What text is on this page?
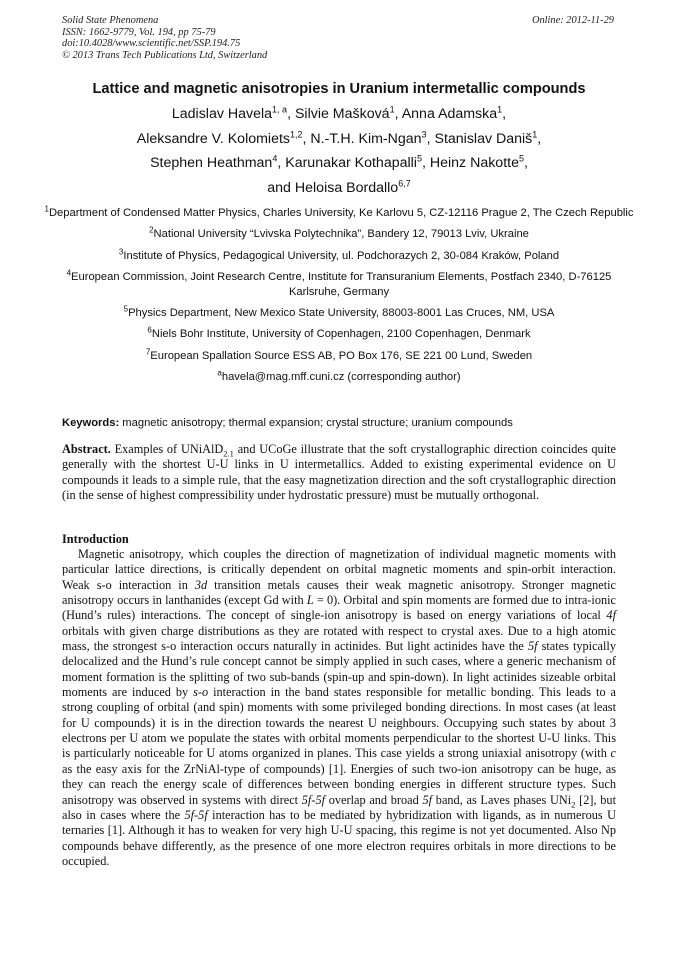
Solid State Phenomena
ISSN: 1662-9779, Vol. 194, pp 75-79
doi:10.4028/www.scientific.net/SSP.194.75
© 2013 Trans Tech Publications Ltd, Switzerland
Online: 2012-11-29
Lattice and magnetic anisotropies in Uranium intermetallic compounds
Ladislav Havela$^{1, a}$, Silvie Mašková$^1$, Anna Adamska$^1$,
Aleksandre V. Kolomiets$^{1,2}$, N.-T.H. Kim-Ngan$^3$, Stanislav Daniš$^1$,
Stephen Heathman$^4$, Karunakar Kothapalli$^5$, Heinz Nakotte$^5$,
and Heloisa Bordallo$^{6,7}$
$^1$Department of Condensed Matter Physics, Charles University, Ke Karlovu 5, CZ-12116 Prague 2, The Czech Republic
$^2$National University “Lvivska Polytechnika”, Bandery 12, 79013 Lviv, Ukraine
$^3$Institute of Physics, Pedagogical University, ul. Podchorazych 2, 30-084 Kraków, Poland
$^4$European Commission, Joint Research Centre, Institute for Transuranium Elements, Postfach 2340, D-76125 Karlsruhe, Germany
$^5$Physics Department, New Mexico State University, 88003-8001 Las Cruces, NM, USA
$^6$Niels Bohr Institute, University of Copenhagen, 2100 Copenhagen, Denmark
$^7$European Spallation Source ESS AB, PO Box 176, SE 221 00 Lund, Sweden
$^a$havela@mag.mff.cuni.cz (corresponding author)
Keywords: magnetic anisotropy; thermal expansion; crystal structure; uranium compounds
Abstract. Examples of UNiAlD$_{2.1}$ and UCoGe illustrate that the soft crystallographic direction coincides quite generally with the shortest U-U links in U intermetallics. Added to existing experimental evidence on U compounds it leads to a simple rule, that the easy magnetization direction and the soft crystallographic direction (in the sense of highest compressibility under hydrostatic pressure) must be mutually orthogonal.
Introduction
Magnetic anisotropy, which couples the direction of magnetization of individual magnetic moments with particular lattice directions, is critically dependent on orbital magnetic moments and spin-orbit interaction. Weak s-o interaction in 3d transition metals causes their weak magnetic anisotropy. Stronger magnetic anisotropy occurs in lanthanides (except Gd with L = 0). Orbital and spin moments are formed due to intra-ionic (Hund’s rules) interactions. The concept of single-ion anisotropy is based on energy variations of local 4f orbitals with given charge distributions as they are rotated with respect to crystal axes. Due to a high atomic mass, the strongest s-o interaction occurs naturally in actinides. But light actinides have the 5f states typically delocalized and the Hund’s rule concept cannot be simply applied in such cases, where a generic mechanism of moment formation is the splitting of two sub-bands (spin-up and spin-down). In light actinides sizeable orbital moments are induced by s-o interaction in the band states responsible for metallic bonding. This leads to a strong coupling of orbital (and spin) moments with some privileged bonding directions. In most cases (at least for U compounds) it is in the direction towards the nearest U neighbours. Occupying such states by about 3 electrons per U atom we populate the states with orbital moments perpendicular to the shortest U-U links. This is particularly noticeable for U atoms organized in planes. This case yields a strong uniaxial anisotropy (with c as the easy axis for the ZrNiAl-type of compounds) [1]. Energies of such two-ion anisotropy can be huge, as they can reach the energy scale of differences between bonding energies in different structure types. Such anisotropy was observed in systems with direct 5f-5f overlap and broad 5f band, as Laves phases UNi$_2$ [2], but also in cases where the 5f-5f interaction has to be mediated by hybridization with ligands, as in numerous U ternaries [1]. Although it has to weaken for very high U-U spacing, this regime is not yet documented. Also Np compounds behave differently, as the presence of one more electron requires orbitals in more directions to be occupied.
